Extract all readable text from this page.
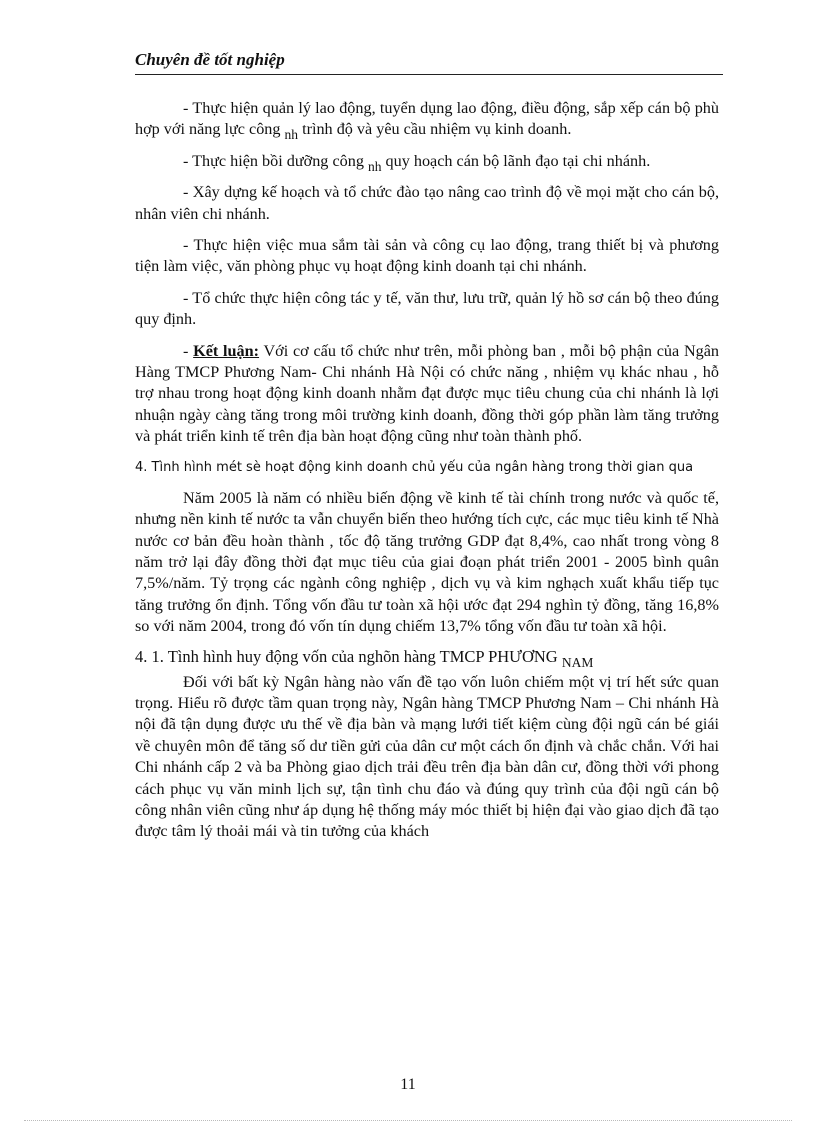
Chuyên đề tốt nghiệp

- Thực hiện quản lý lao động, tuyển dụng lao động, điều động, sắp xếp cán bộ phù hợp với năng lực công $_{nh}$ trình độ và yêu cầu nhiệm vụ kinh doanh.

- Thực hiện bồi dưỡng công $_{nh}$ quy hoạch cán bộ lãnh đạo tại chi nhánh.

- Xây dựng kế hoạch và tổ chức đào tạo nâng cao trình độ về mọi mặt cho cán bộ, nhân viên chi nhánh.

- Thực hiện việc mua sắm tài sản và công cụ lao động, trang thiết bị và phương tiện làm việc, văn phòng phục vụ hoạt động kinh doanh tại chi nhánh.

- Tổ chức thực hiện công tác y tế, văn thư, lưu trữ, quản lý hồ sơ cán bộ theo đúng quy định.

- Kết luận: Với cơ cấu tổ chức như trên, mỗi phòng ban , mỗi bộ phận của Ngân Hàng TMCP Phương Nam- Chi nhánh Hà Nội có chức năng , nhiệm vụ khác nhau , hỗ trợ nhau trong hoạt động kinh doanh nhằm đạt được mục tiêu chung của chi nhánh là lợi nhuận ngày càng tăng trong môi trường kinh doanh, đồng thời góp phần làm tăng trưởng và phát triển kinh tế trên địa bàn hoạt động cũng như toàn thành phố.

4. Tình hình mét sè hoạt động kinh doanh chủ yếu của ngân hàng trong thời gian qua

Năm 2005 là năm có nhiều biến động về kinh tế tài chính trong nước và quốc tế, nhưng nền kinh tế nước ta vẫn chuyển biến theo hướng tích cực, các mục tiêu kinh tế Nhà nước cơ bản đều hoàn thành , tốc độ tăng trưởng GDP đạt 8,4%, cao nhất trong vòng 8 năm trở lại đây đồng thời đạt mục tiêu của giai đoạn phát triển 2001 - 2005 bình quân 7,5%/năm. Tỷ trọng các ngành công nghiệp , dịch vụ và kim nghạch xuất khẩu tiếp tục tăng trưởng ổn định. Tổng vốn đầu tư toàn xã hội ước đạt 294 nghìn tỷ đồng, tăng 16,8% so với năm 2004, trong đó vốn tín dụng chiếm 13,7% tổng vốn đầu tư toàn xã hội.

4. 1. Tình hình huy động vốn của nghõn hàng TMCP PHƯƠNG $_{NAM}$

Đối với bất kỳ Ngân hàng nào vấn đề tạo vốn luôn chiếm một vị trí hết sức quan trọng. Hiểu rõ được tầm quan trọng này, Ngân hàng TMCP Phương Nam – Chi nhánh Hà nội đã tận dụng được ưu thế về địa bàn và mạng lưới tiết kiệm cùng đội ngũ cán bé giái về chuyên môn để tăng số dư tiền gửi của dân cư một cách ổn định và chắc chắn. Với hai Chi nhánh cấp 2 và ba Phòng giao dịch trải đều trên địa bàn dân cư, đồng thời với phong cách phục vụ văn minh lịch sự, tận tình chu đáo và đúng quy trình của đội ngũ cán bộ công nhân viên cũng như áp dụng hệ thống máy móc thiết bị hiện đại vào giao dịch đã tạo được tâm lý thoải mái và tin tưởng của khách

11
